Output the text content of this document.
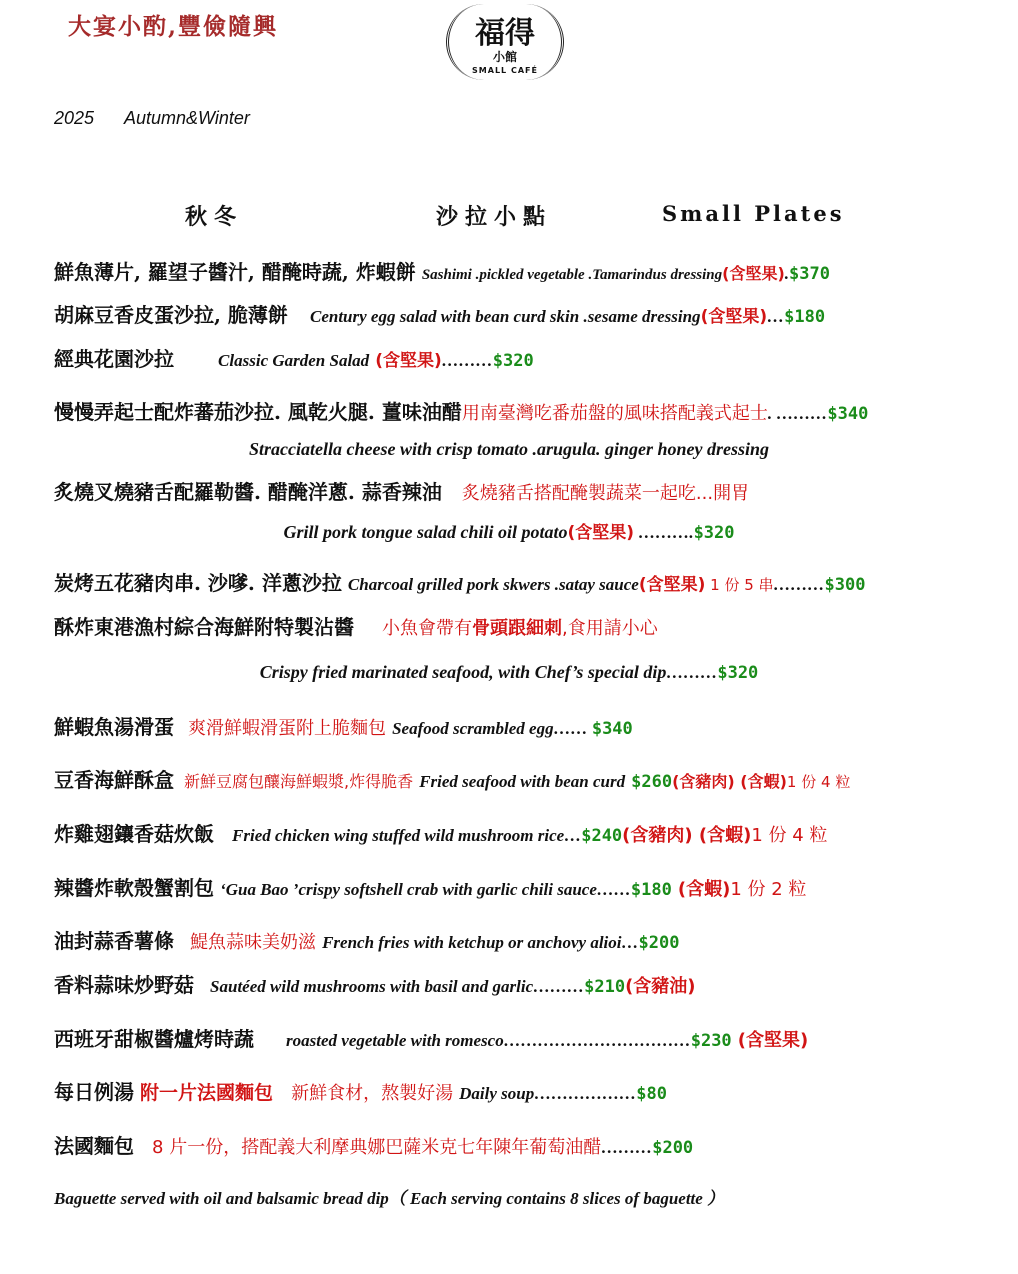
大宴小酌,豐儉隨興	福得
小館
SMALL CAFÉ
2025 Autumn&Winter
秋冬	沙拉小點	Small Plates
鮮魚薄片, 羅望子醬汁, 醋醃時蔬, 炸蝦餅 Sashimi .pickled vegetable .Tamarindus dressing(含堅果).$370
胡麻豆香皮蛋沙拉, 脆薄餅 Century egg salad with bean curd skin .sesame dressing(含堅果)…$180
經典花園沙拉	Classic Garden Salad (含堅果)………$320
慢慢弄起士配炸蕃茄沙拉. 風乾火腿. 薑味油醋用南臺灣吃番茄盤的風味搭配義式起士. ………$340
Stracciatella cheese with crisp tomato .arugula. ginger honey dressing
炙燒叉燒豬舌配羅勒醬. 醋醃洋蔥. 蒜香辣油 炙燒豬舌搭配醃製蔬菜一起吃...開胃
Grill pork tongue salad chili oil potato(含堅果) ……….$320
炭烤五花豬肉串. 沙嗲. 洋蔥沙拉 Charcoal grilled pork skwers .satay sauce(含堅果) 1 份 5 串………$300
酥炸東港漁村綜合海鮮附特製沾醬 小魚會帶有骨頭跟細刺,食用請小心
Crispy fried marinated seafood, with Chef’s special dip………$320
鮮蝦魚湯滑蛋 爽滑鮮蝦滑蛋附上脆麵包 Seafood scrambled egg…… $340
豆香海鮮酥盒 新鮮豆腐包釀海鮮蝦漿,炸得脆香 Fried seafood with bean curd $260(含豬肉) (含蝦)1 份 4 粒
炸雞翅鑲香菇炊飯 Fried chicken wing stuffed wild mushroom rice…$240(含豬肉) (含蝦)1 份 4 粒
辣醬炸軟殼蟹割包 ‘Gua Bao ’crispy softshell crab with garlic chili sauce……$180 (含蝦)1 份 2 粒
油封蒜香薯條 鯷魚蒜味美奶滋 French fries with ketchup or anchovy alioi…$200
香料蒜味炒野菇 Sautéed wild mushrooms with basil and garlic………$210(含豬油)
西班牙甜椒醬爐烤時蔬 roasted vegetable with romesco……………………………$230 (含堅果)
每日例湯 附一片法國麵包 新鮮食材，熬製好湯 Daily soup………………$80
法國麵包 8 片一份，搭配義大利摩典娜巴薩米克七年陳年葡萄油醋………$200
Baguette served with oil and balsamic bread dip（ Each serving contains 8 slices of baguette ）
